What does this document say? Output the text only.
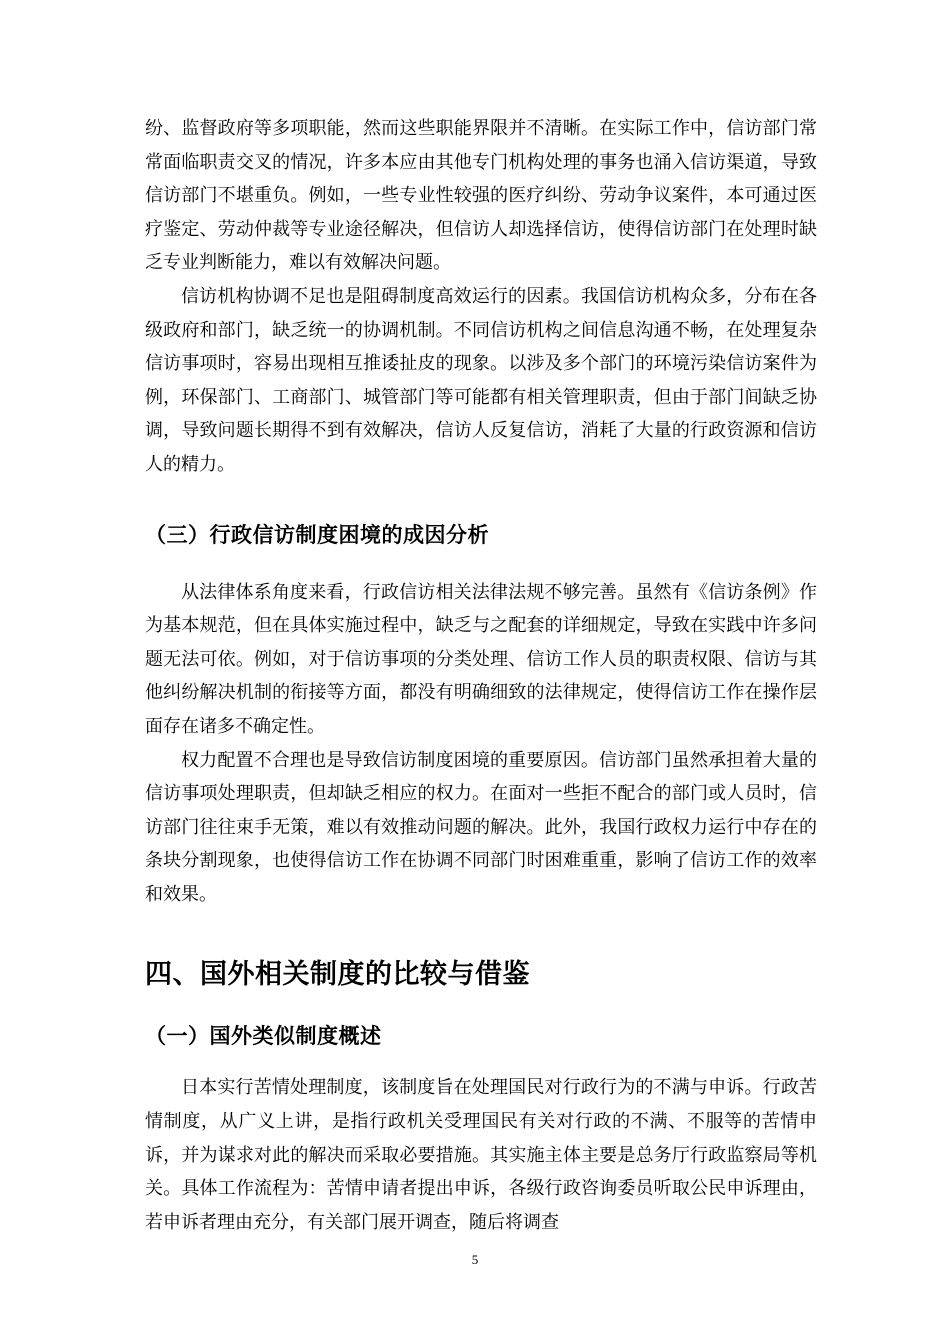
纷、监督政府等多项职能，然而这些职能界限并不清晰。在实际工作中，信访部门常常面临职责交叉的情况，许多本应由其他专门机构处理的事务也涌入信访渠道，导致信访部门不堪重负。例如，一些专业性较强的医疗纠纷、劳动争议案件，本可通过医疗鉴定、劳动仲裁等专业途径解决，但信访人却选择信访，使得信访部门在处理时缺乏专业判断能力，难以有效解决问题。

信访机构协调不足也是阻碍制度高效运行的因素。我国信访机构众多，分布在各级政府和部门，缺乏统一的协调机制。不同信访机构之间信息沟通不畅，在处理复杂信访事项时，容易出现相互推诿扯皮的现象。以涉及多个部门的环境污染信访案件为例，环保部门、工商部门、城管部门等可能都有相关管理职责，但由于部门间缺乏协调，导致问题长期得不到有效解决，信访人反复信访，消耗了大量的行政资源和信访人的精力。

（三）行政信访制度困境的成因分析

从法律体系角度来看，行政信访相关法律法规不够完善。虽然有《信访条例》作为基本规范，但在具体实施过程中，缺乏与之配套的详细规定，导致在实践中许多问题无法可依。例如，对于信访事项的分类处理、信访工作人员的职责权限、信访与其他纠纷解决机制的衔接等方面，都没有明确细致的法律规定，使得信访工作在操作层面存在诸多不确定性。

权力配置不合理也是导致信访制度困境的重要原因。信访部门虽然承担着大量的信访事项处理职责，但却缺乏相应的权力。在面对一些拒不配合的部门或人员时，信访部门往往束手无策，难以有效推动问题的解决。此外，我国行政权力运行中存在的条块分割现象，也使得信访工作在协调不同部门时困难重重，影响了信访工作的效率和效果。

四、国外相关制度的比较与借鉴
（一）国外类似制度概述

日本实行苦情处理制度，该制度旨在处理国民对行政行为的不满与申诉。行政苦情制度，从广义上讲，是指行政机关受理国民有关对行政的不满、不服等的苦情申诉，并为谋求对此的解决而采取必要措施。其实施主体主要是总务厅行政监察局等机关。具体工作流程为：苦情申请者提出申诉，各级行政咨询委员听取公民申诉理由，若申诉者理由充分，有关部门展开调查，随后将调查

5
